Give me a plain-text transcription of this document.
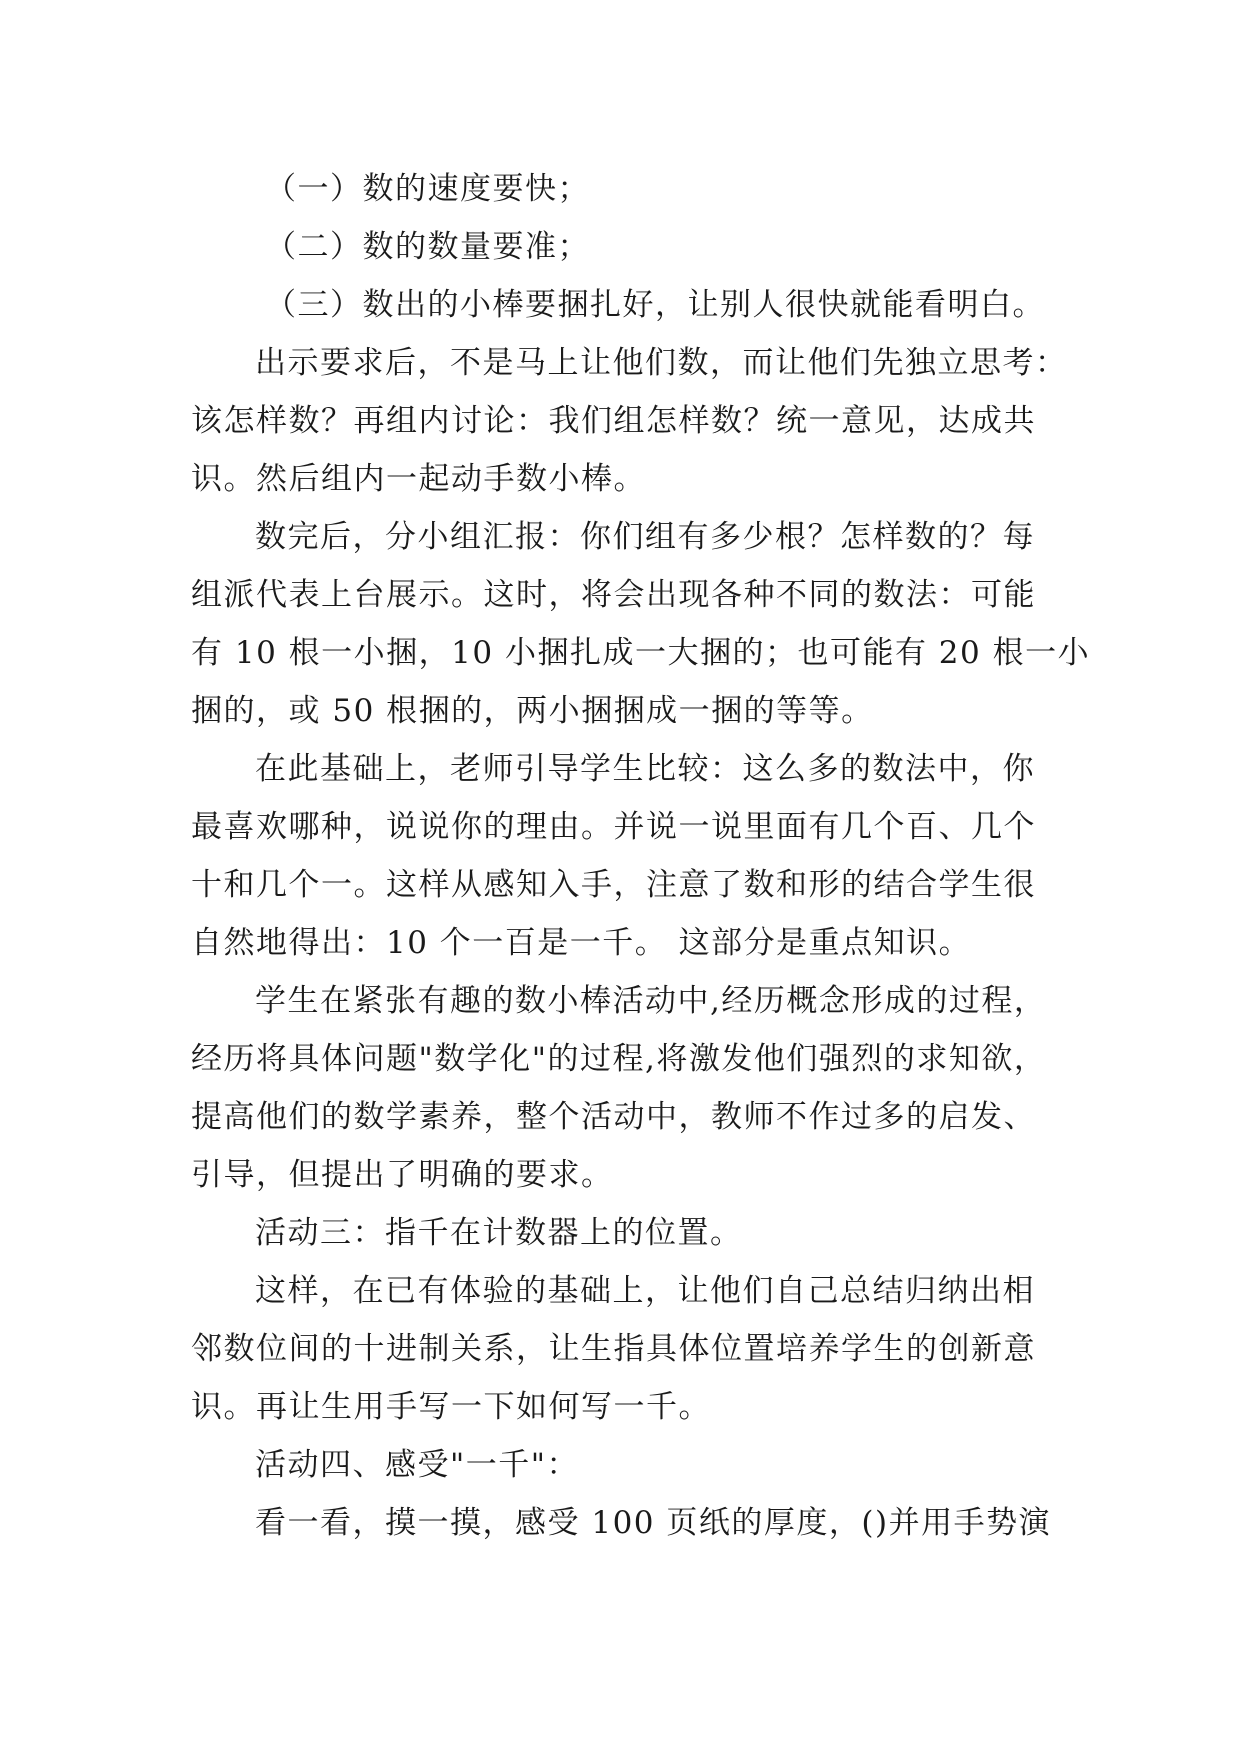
（一）数的速度要快；
（二）数的数量要准；
（三）数出的小棒要捆扎好，让别人很快就能看明白。
出示要求后，不是马上让他们数，而让他们先独立思考：
该怎样数？再组内讨论：我们组怎样数？统一意见，达成共
识。然后组内一起动手数小棒。
数完后，分小组汇报：你们组有多少根？怎样数的？每
组派代表上台展示。这时，将会出现各种不同的数法：可能
有 10 根一小捆，10 小捆扎成一大捆的；也可能有 20 根一小
捆的，或 50 根捆的，两小捆捆成一捆的等等。
在此基础上，老师引导学生比较：这么多的数法中，你
最喜欢哪种，说说你的理由。并说一说里面有几个百、几个
十和几个一。这样从感知入手，注意了数和形的结合学生很
自然地得出：10 个一百是一千。 这部分是重点知识。
学生在紧张有趣的数小棒活动中,经历概念形成的过程，
经历将具体问题"数学化"的过程,将激发他们强烈的求知欲，
提高他们的数学素养，整个活动中，教师不作过多的启发、
引导，但提出了明确的要求。
活动三：指千在计数器上的位置。
这样，在已有体验的基础上，让他们自己总结归纳出相
邻数位间的十进制关系，让生指具体位置培养学生的创新意
识。再让生用手写一下如何写一千。
活动四、感受"一千"：
看一看，摸一摸，感受 100 页纸的厚度，()并用手势演
